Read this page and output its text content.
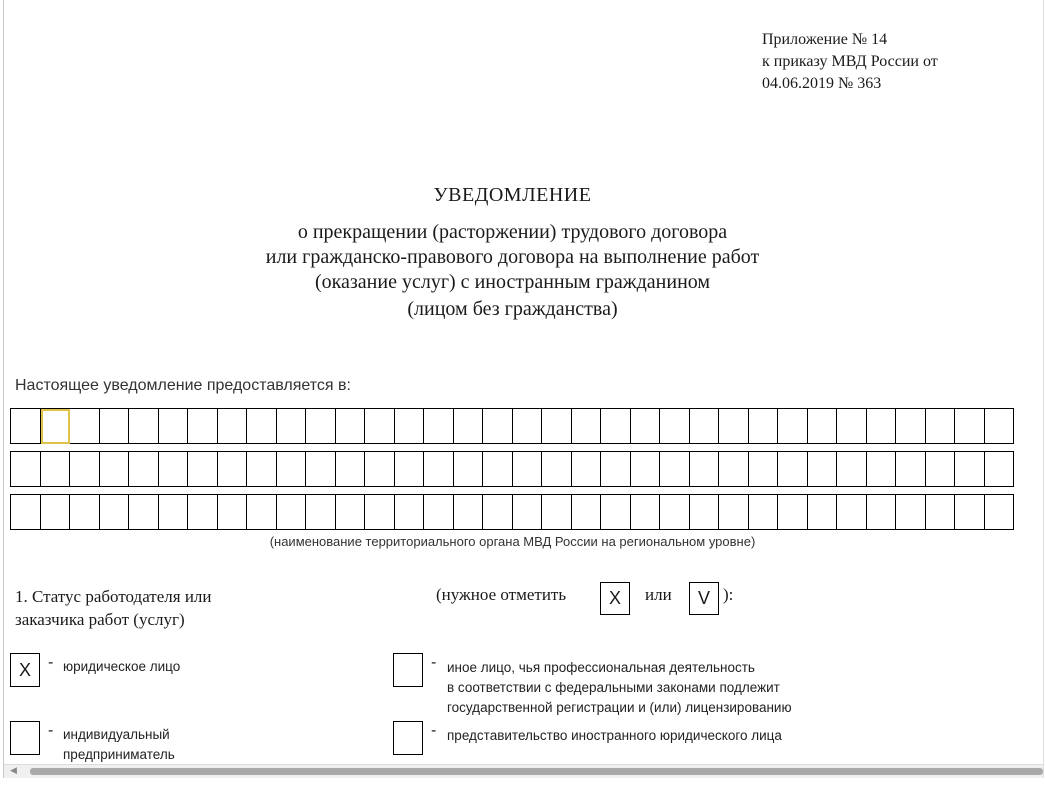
Приложение № 14
к приказу МВД России от
04.06.2019 № 363
УВЕДОМЛЕНИЕ
о прекращении (расторжении) трудового договора
или гражданско-правового договора на выполнение работ
(оказание услуг) с иностранным гражданином
(лицом без гражданства)
Настоящее уведомление предоставляется в:
(наименование территориального органа МВД России на региональном уровне)
1. Статус работодателя или
заказчика работ (услуг)
(нужное отметить	X	или	V ):
X	- юридическое лицо	- иное лицо, чья профессиональная деятельность
в соответствии с федеральными законами подлежит
государственной регистрации и (или) лицензированию
- индивидуальный
предприниматель
- представительство иностранного юридического лица
◀
